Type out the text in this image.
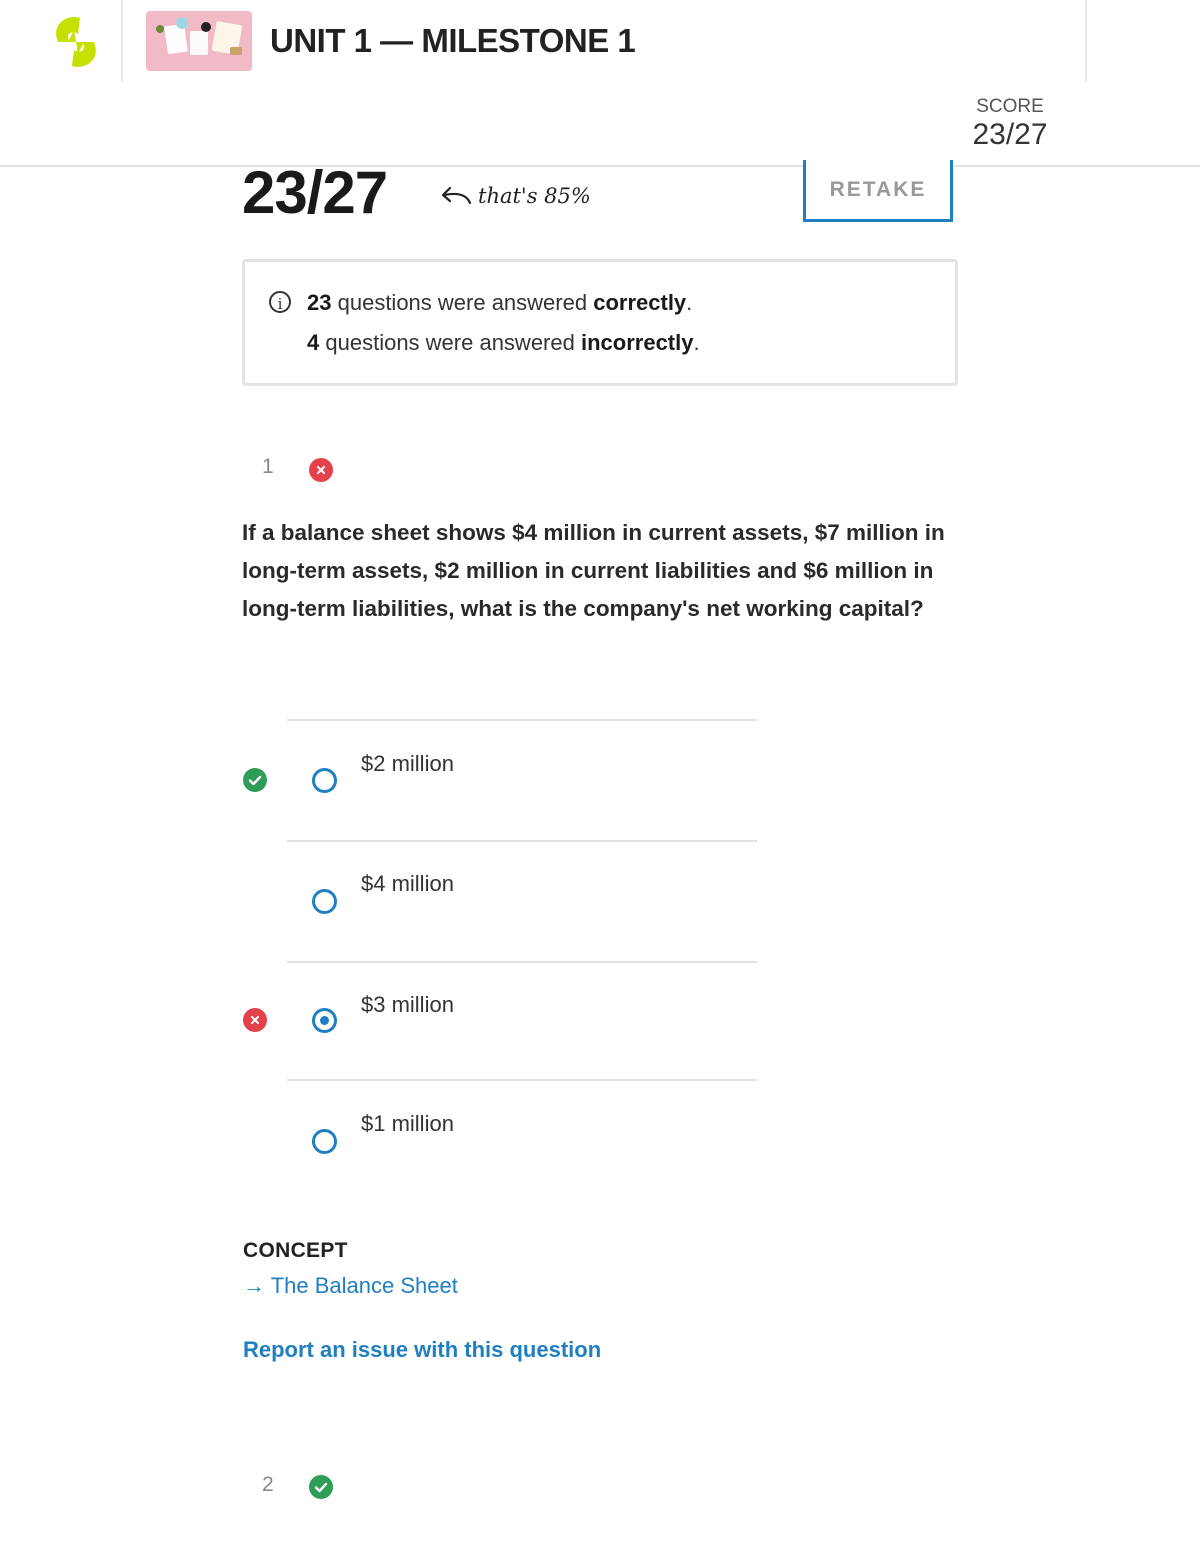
UNIT 1 — MILESTONE 1
SCORE
23/27
23/27	that's 85%	RETAKE
i	23 questions were answered correctly.
4 questions were answered incorrectly.
1
If a balance sheet shows $4 million in current assets, $7 million in long-term assets, $2 million in current liabilities and $6 million in long-term liabilities, what is the company's net working capital?
$2 million
$4 million
$3 million
$1 million
CONCEPT
→ The Balance Sheet
Report an issue with this question
2
